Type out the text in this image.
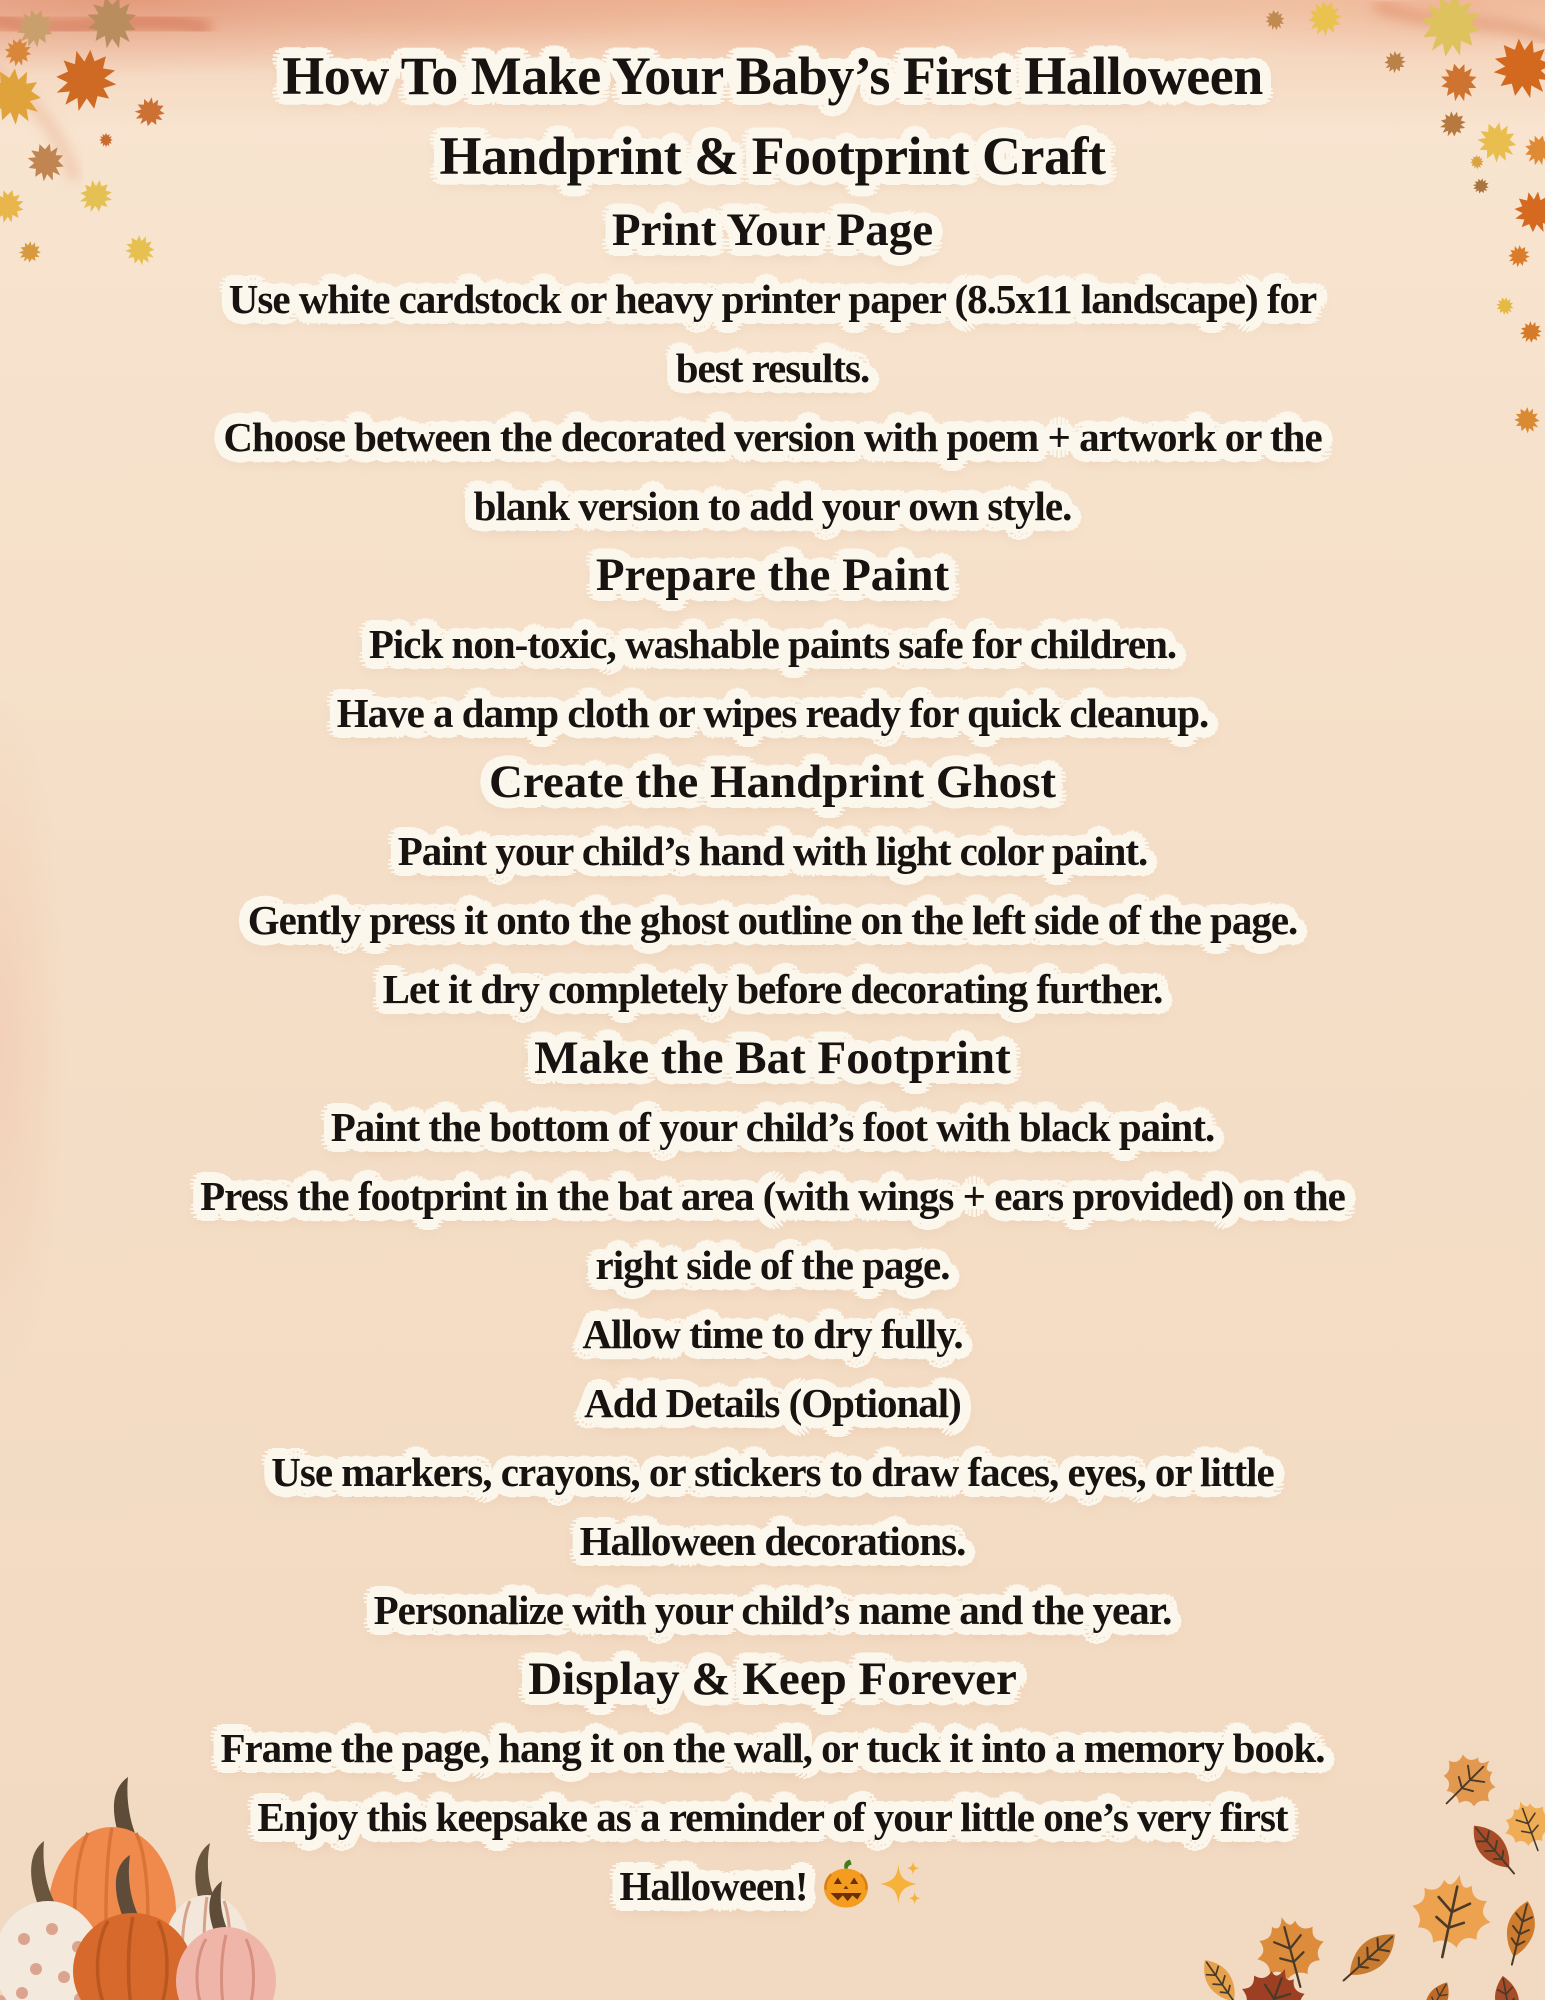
How To Make Your Baby’s First Halloween
Handprint & Footprint Craft
Print Your Page
Use white cardstock or heavy printer paper (8.5x11 landscape) for
best results.
Choose between the decorated version with poem + artwork or the
blank version to add your own style.
Prepare the Paint
Pick non-toxic, washable paints safe for children.
Have a damp cloth or wipes ready for quick cleanup.
Create the Handprint Ghost
Paint your child’s hand with light color paint.
Gently press it onto the ghost outline on the left side of the page.
Let it dry completely before decorating further.
Make the Bat Footprint
Paint the bottom of your child’s foot with black paint.
Press the footprint in the bat area (with wings + ears provided) on the
right side of the page.
Allow time to dry fully.
Add Details (Optional)
Use markers, crayons, or stickers to draw faces, eyes, or little
Halloween decorations.
Personalize with your child’s name and the year.
Display & Keep Forever
Frame the page, hang it on the wall, or tuck it into a memory book.
Enjoy this keepsake as a reminder of your little one’s very first
Halloween!
